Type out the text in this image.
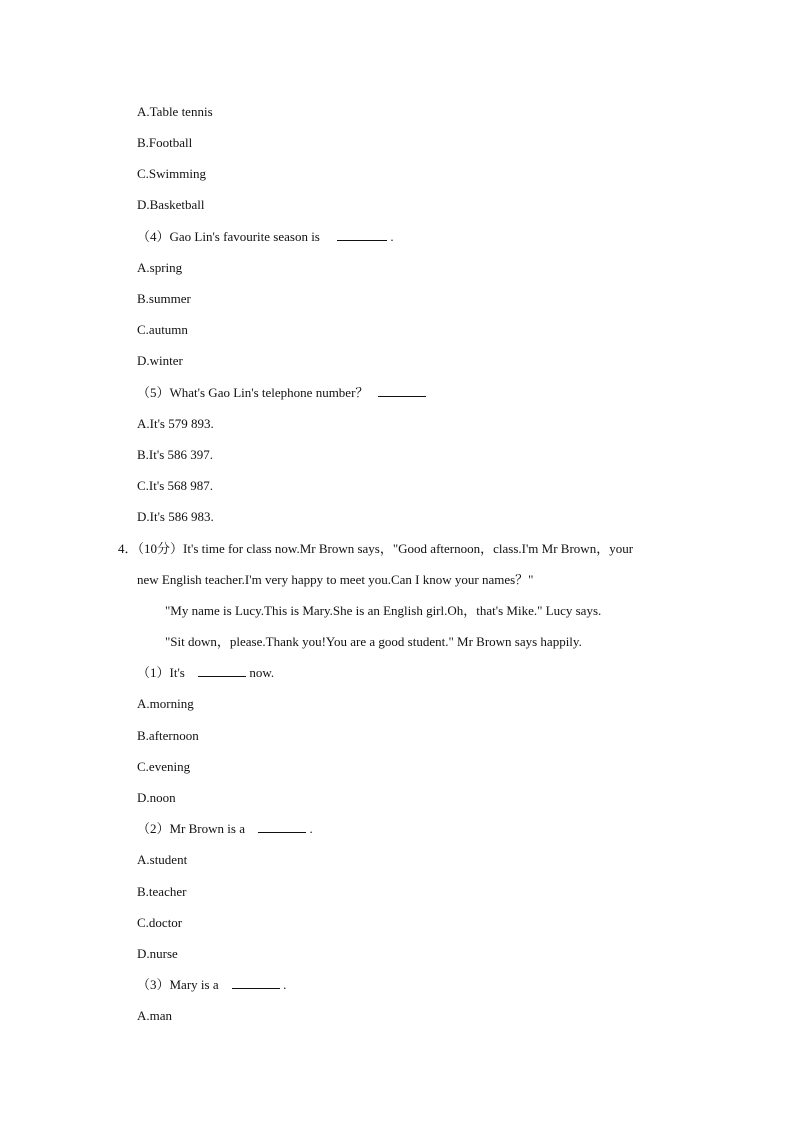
A.Table tennis
B.Football
C.Swimming
D.Basketball
（4）Gao Lin's favourite season is	.
A.spring
B.summer
C.autumn
D.winter
（5）What's Gao Lin's telephone number？
A.It's 579 893.
B.It's 586 397.
C.It's 568 987.
D.It's 586 983.
4．（10分）It's time for class now.Mr Brown says，"Good afternoon，class.I'm Mr Brown，your
new English teacher.I'm very happy to meet you.Can I know your names？"
"My name is Lucy.This is Mary.She is an English girl.Oh，that's Mike." Lucy says.
"Sit down，please.Thank you!You are a good student." Mr Brown says happily.
（1）It's	now.
A.morning
B.afternoon
C.evening
D.noon
（2）Mr Brown is a	.
A.student
B.teacher
C.doctor
D.nurse
（3）Mary is a	.
A.man
